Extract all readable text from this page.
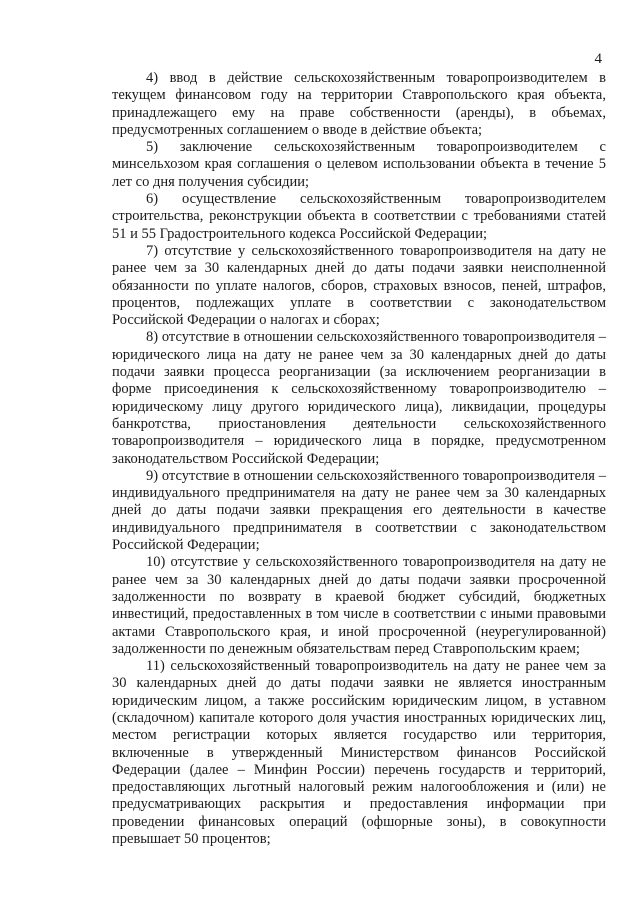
4

4) ввод в действие сельскохозяйственным товаропроизводителем в текущем финансовом году на территории Ставропольского края объекта, принадлежащего ему на праве собственности (аренды), в объемах, предусмотренных соглашением о вводе в действие объекта;

5) заключение сельскохозяйственным товаропроизводителем с минсельхозом края соглашения о целевом использовании объекта в течение 5 лет со дня получения субсидии;

6) осуществление сельскохозяйственным товаропроизводителем строительства, реконструкции объекта в соответствии с требованиями статей 51 и 55 Градостроительного кодекса Российской Федерации;

7) отсутствие у сельскохозяйственного товаропроизводителя на дату не ранее чем за 30 календарных дней до даты подачи заявки неисполненной обязанности по уплате налогов, сборов, страховых взносов, пеней, штрафов, процентов, подлежащих уплате в соответствии с законодательством Российской Федерации о налогах и сборах;

8) отсутствие в отношении сельскохозяйственного товаропроизводителя – юридического лица на дату не ранее чем за 30 календарных дней до даты подачи заявки процесса реорганизации (за исключением реорганизации в форме присоединения к сельскохозяйственному товаропроизводителю – юридическому лицу другого юридического лица), ликвидации, процедуры банкротства, приостановления деятельности сельскохозяйственного товаропроизводителя – юридического лица в порядке, предусмотренном законодательством Российской Федерации;

9) отсутствие в отношении сельскохозяйственного товаропроизводителя – индивидуального предпринимателя на дату не ранее чем за 30 календарных дней до даты подачи заявки прекращения его деятельности в качестве индивидуального предпринимателя в соответствии с законодательством Российской Федерации;

10) отсутствие у сельскохозяйственного товаропроизводителя на дату не ранее чем за 30 календарных дней до даты подачи заявки просроченной задолженности по возврату в краевой бюджет субсидий, бюджетных инвестиций, предоставленных в том числе в соответствии с иными правовыми актами Ставропольского края, и иной просроченной (неурегулированной) задолженности по денежным обязательствам перед Ставропольским краем;

11) сельскохозяйственный товаропроизводитель на дату не ранее чем за 30 календарных дней до даты подачи заявки не является иностранным юридическим лицом, а также российским юридическим лицом, в уставном (складочном) капитале которого доля участия иностранных юридических лиц, местом регистрации которых является государство или территория, включенные в утвержденный Министерством финансов Российской Федерации (далее – Минфин России) перечень государств и территорий, предоставляющих льготный налоговый режим налогообложения и (или) не предусматривающих раскрытия и предоставления информации при проведении финансовых операций (офшорные зоны), в совокупности превышает 50 процентов;
